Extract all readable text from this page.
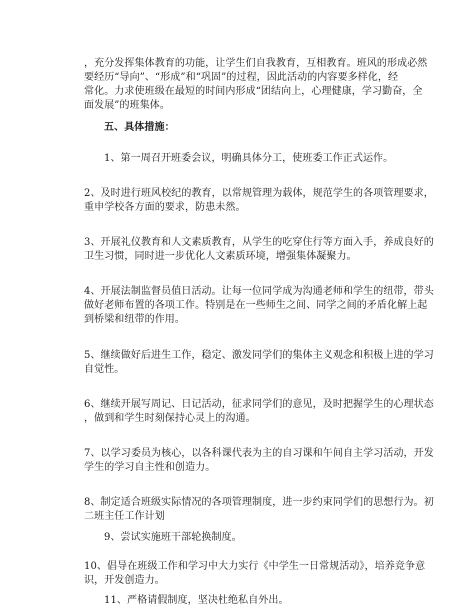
，充分发挥集体教育的功能，让学生们自我教育，互相教育。班风的形成必然
要经历“导向”、“形成”和“巩固”的过程，因此活动的内容要多样化，经
常化。力求使班级在最短的时间内形成“团结向上，心理健康，学习勤奋，全
面发展”的班集体。
五、具体措施：
1、第一周召开班委会议，明确具体分工，使班委工作正式运作。
2、及时进行班风校纪的教育，以常规管理为载体，规范学生的各项管理要求，
重申学校各方面的要求，防患未然。
3、开展礼仪教育和人文素质教育，从学生的吃穿住行等方面入手，养成良好的
卫生习惯，同时进一步优化人文素质环境，增强集体凝聚力。
4、开展法制监督员值日活动。让每一位同学成为沟通老师和学生的纽带，带头
做好老师布置的各项工作。特别是在一些师生之间、同学之间的矛盾化解上起
到桥梁和纽带的作用。
5、继续做好后进生工作，稳定、激发同学们的集体主义观念和积极上进的学习
自觉性。
6、继续开展写周记、日记活动，征求同学们的意见，及时把握学生的心理状态
，做到和学生时刻保持心灵上的沟通。
7、以学习委员为核心，以各科课代表为主的自习课和午间自主学习活动，开发
学生的学习自主性和创造力。
8、制定适合班级实际情况的各项管理制度，进一步约束同学们的思想行为。初
二班主任工作计划
9、尝试实施班干部轮换制度。
10、倡导在班级工作和学习中大力实行《中学生一日常规活动》，培养竞争意
识，开发创造力。
11、严格请假制度，坚决杜绝私自外出。
